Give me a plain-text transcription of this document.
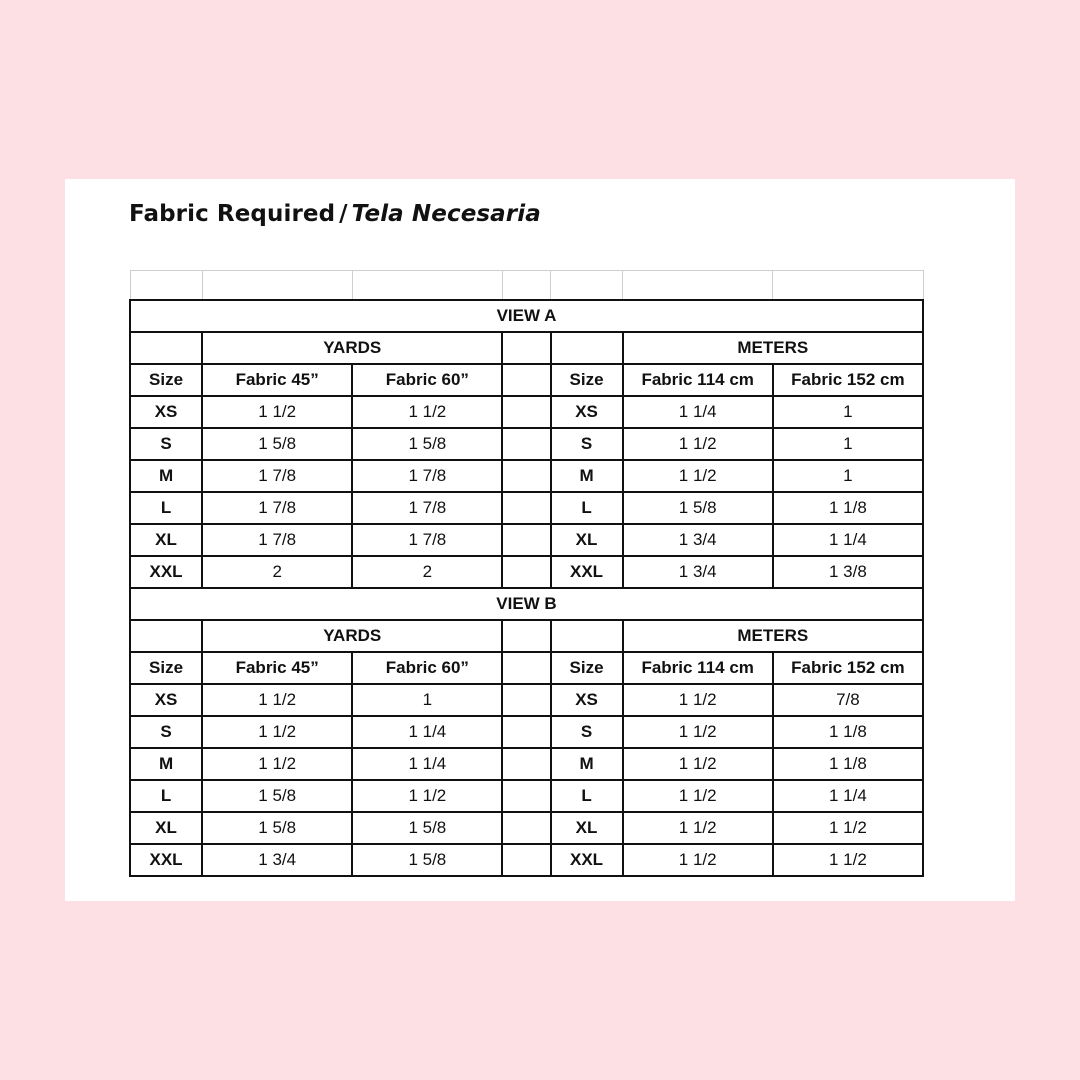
Fabric Required / Tela Necesaria

VIEW A						
	YARDS				METERS	
Size	Fabric 45”	Fabric 60”		Size	Fabric 114 cm	Fabric 152 cm
XS	1 1/2	1 1/2		XS	1 1/4	1
S	1 5/8	1 5/8		S	1 1/2	1
M	1 7/8	1 7/8		M	1 1/2	1
L	1 7/8	1 7/8		L	1 5/8	1 1/8
XL	1 7/8	1 7/8		XL	1 3/4	1 1/4
XXL	2	2		XXL	1 3/4	1 3/8
VIEW B						
	YARDS				METERS	
Size	Fabric 45”	Fabric 60”		Size	Fabric 114 cm	Fabric 152 cm
XS	1 1/2	1		XS	1 1/2	7/8
S	1 1/2	1 1/4		S	1 1/2	1 1/8
M	1 1/2	1 1/4		M	1 1/2	1 1/8
L	1 5/8	1 1/2		L	1 1/2	1 1/4
XL	1 5/8	1 5/8		XL	1 1/2	1 1/2
XXL	1 3/4	1 5/8		XXL	1 1/2	1 1/2
